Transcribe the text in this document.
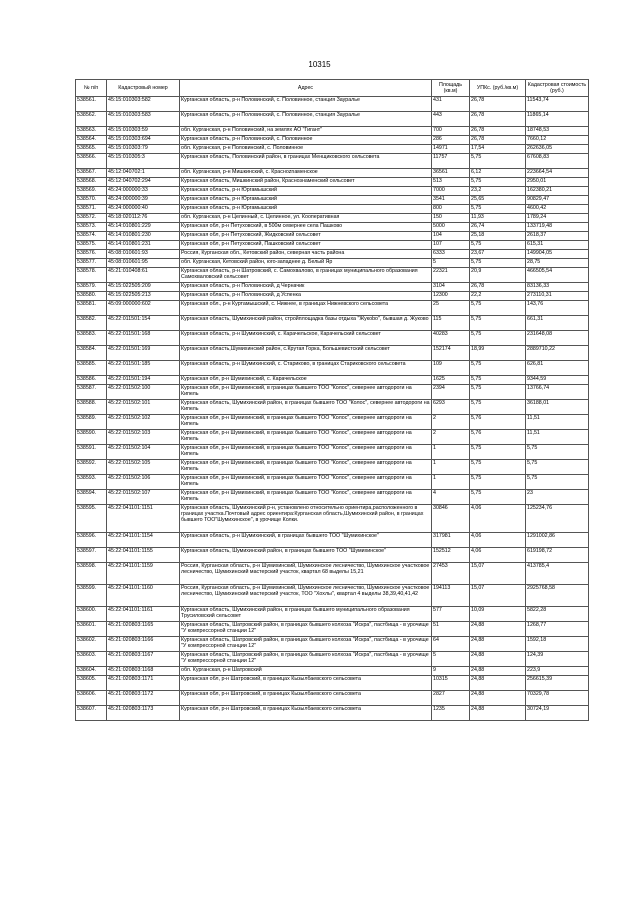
10315
№ п/п	Кадастровый номер	Адрес	Площадь (кв.м)	УПКс. (руб./кв.м)	Кадастровая стоимость (руб.)
538561.	45:15:010303:582	Курганская область, р-н Половинский, с. Половинное, станция Зауралье	431	26,78	11543,74
538562.	45:15:010303:583	Курганская область, р-н Половинский, с. Половинное, станция Зауралье	443	26,78	11865,14
538563.	45:15:010303:59	обл. Курганская, р-н Половинский, на землях АО "Гигант"	700	26,78	18748,53
538564.	45:15:010303:694	Курганская область, р-н Половинский, с. Половинное	286	26,78	7660,12
538565.	45:15:010303:79	обл. Курганская, р-н Половинский, с. Половинное	14971	17,54	262636,05
538566.	45:15:010305:3	Курганская область, Половинский район, в границах Менщиковского сельсовета	11757	5,75	67608,83
538567.	45:12:040702:1	обл. Курганская, р-н Мишкинский, с. Красноznаменское	36561	6,12	223664,54
538568.	45:12:040702:294	Курганская область, Мишкинский район, Краснознаменский сельсовет	513	5,75	2950,01
538569.	45:24:000000:33	Курганская область, р-н Юргамышский	7000	23,2	162380,21
538570.	45:24:000000:39	Курганская область, р-н Юргамышский	3541	25,65	90829,47
538571.	45:24:000000:40	Курганская область, р-н Юргамышский	800	5,75	4600,42
538572.	45:18:020112:76	обл. Курганская, р-н Целинный, с. Целинное, ул. Кооперативная	150	11,93	1789,24
538573.	45:14:010801:229	Курганская обл, р-н Петуховский, в 500м севернее села Пашково	5000	26,74	133719,48
538574.	45:14:010801:230	Курганская обл, р-н Петуховский, Жидковский сельсовет	104	25,18	2618,37
538575.	45:14:010801:231	Курганская обл, р-н Петуховский, Пашковский сельсовет	107	5,75	615,31
538576.	45:08:010601:93	Россия, Курганская обл., Кетовский район, северная часть района	6333	23,67	149904,05
538577.	45:08:010601:95	обл. Курганская, Кетовский район, юго-западнее д. Белый Яр	5	5,75	28,75
538578.	45:21:010408:61	Курганская область, р-н Шатровский, с. Самохвалово, в границах муниципального образования Самохваловский сельсовет	22321	20,9	466505,54
538579.	45:15:022505:209	Курганская область, р-н Половинский, д Черначик	3104	26,78	83136,33
538580.	45:15:022505:213	Курганская область, р-н Половинский, д Успенка	12300	22,2	273110,31
538581.	45:09:000000:602	Курганская обл., р-н Куртамышский, с. Нижнее, в границах Нижневского сельсовета	25	5,75	143,76
538582.	45:22:011501:154	Курганская область, Шумихинский район, стройплощадка базы отдыха "Жукobo", бывшая д. Жуково	115	5,75	661,31
538583.	45:22:011501:168	Курганская область, р-н Шумихинский, с. Карачельское, Карачельский сельсовет	40283	5,75	231648,08
538584.	45:22:011501:169	Курганская область,Шумихинский район, с.Крутая Горка, Большевистский сельсовет	152174	18,99	2889710,22
538585.	45:22:011501:185	Курганская область, р-н Шумихинский, с. Стариково, в границах Стариковского сельсовета	109	5,75	626,81
538586.	45:22:011501:194	Курганская обл, р-н Шумихинский, с. Карачельское	1625	5,75	9344,59
538587.	45:22:011502:100	Курганская обл, р-н Шумихинский, в границах бывшего ТОО "Колос", севернее автодороги на Кипель	2394	5,75	13766,74
538588.	45:22:011502:101	Курганская область, Шумихинский район, в границах бывшего ТОО "Колос", севернее автодороги на Кипель	6293	5,75	36188,01
538589.	45:22:011502:102	Курганская обл, р-н Шумихинский, в границах бывшего ТОО "Колос", севернее автодороги на Кипель	2	5,76	11,51
538590.	45:22:011502:103	Курганская обл, р-н Шумихинский, в границах бывшего ТОО "Колос", севернее автодороги на Кипель	2	5,76	11,51
538591.	45:22:011502:104	Курганская обл, р-н Шумихинский, в границах бывшего ТОО "Колос", севернее автодороги на Кипель	1	5,75	5,75
538592.	45:22:011502:105	Курганская обл, р-н Шумихинский, в границах бывшего ТОО "Колос", севернее автодороги на Кипель	1	5,75	5,75
538593.	45:22:011502:106	Курганская обл, р-н Шумихинский, в границах бывшего ТОО "Колос", севернее автодороги на Кипель	1	5,75	5,75
538594.	45:22:011502:107	Курганская обл, р-н Шумихинский, в границах бывшего ТОО "Колос", севернее автодороги на Кипель	4	5,75	23
538595.	45:22:041101:1151	Курганская область, Шумихинский р-н, установлено относительно ориентира,расположенного в границах участка.Почтовый адрес ориентира:Курганская область,Шумихинский район, в границах бывшего ТОО"Шумихинское", в урочище Колки.	30846	4,06	125234,76
538596.	45:22:041101:1154	Курганская область, р-н Шумихинский, в границах бывшего ТОО "Шумихинское"	317981	4,06	1291002,86
538597.	45:22:041101:1155	Курганская область, Шумихинский район, в границах бывшего ТОО "Шумихинское"	152512	4,06	619198,72
538598.	45:22:041101:1159	Россия, Курганская область, р-н Шумихинский, Шумихинское лесничество, Шумихинское участковое лесничество, Шумихинский мастерский участок, квартал 68 выделы 15,21	27453	15,07	413785,4
538599.	45:22:041101:1160	Россия, Курганская область, р-н Шумихинский, Шумихинское лесничество, Шумихинское участковое лесничество, Шумихинский мастерский участок, ТОО "Хохлы", квартал 4 выделы 38,39,40,41,42	194113	15,07	2925768,58
538600.	45:22:041101:1161	Курганская область, Шумихинский район, в границах бывшего муниципального образования Трусиловский сельсовет	577	10,09	5822,28
538601.	45:21:020803:1165	Курганская область, Шатровский район, в границах бывшего колхоза "Искра", пастбища - в урочище "У компрессорной станции 12"	51	24,88	1268,77
538602.	45:21:020803:1166	Курганская область, Шатровский район, в границах бывшего колхоза "Искра", пастбища - в урочище "У компрессорной станции 12"	64	24,88	1592,18
538603.	45:21:020803:1167	Курганская область, Шатровский район, в границах бывшего колхоза "Искра", пастбища - в урочище "У компрессорной станции 12"	5	24,88	124,39
538604.	45:21:020803:1168	обл. Курганская, р-н Шатровский	9	24,88	223,9
538605.	45:21:020803:1171	Курганская обл, р-н Шатровский, в границах Кызылбаевского сельсовета	10315	24,88	256615,39
538606.	45:21:020803:1172	Курганская обл, р-н Шатровский, в границах Кызылбаевского сельсовета	2827	24,88	70329,78
538607.	45:21:020803:1173	Курганская обл, р-н Шатровский, в границах Кызылбаевского сельсовета	1235	24,88	30724,19
